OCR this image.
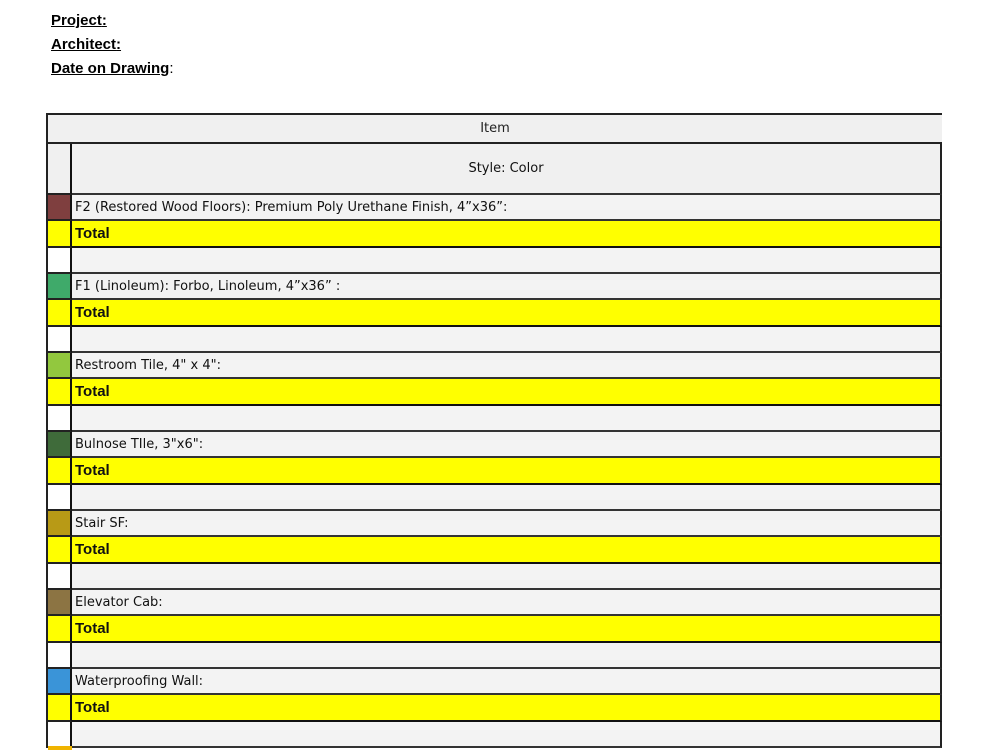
Project:
Architect:
Date on Drawing:
Item
Style: Color
F2 (Restored Wood Floors): Premium Poly Urethane Finish, 4”x36”:
Total
F1 (Linoleum): Forbo, Linoleum, 4”x36” :
Total
Restroom Tile, 4" x 4":
Total
Bulnose TIle, 3"x6":
Total
Stair SF:
Total
Elevator Cab:
Total
Waterproofing Wall:
Total
